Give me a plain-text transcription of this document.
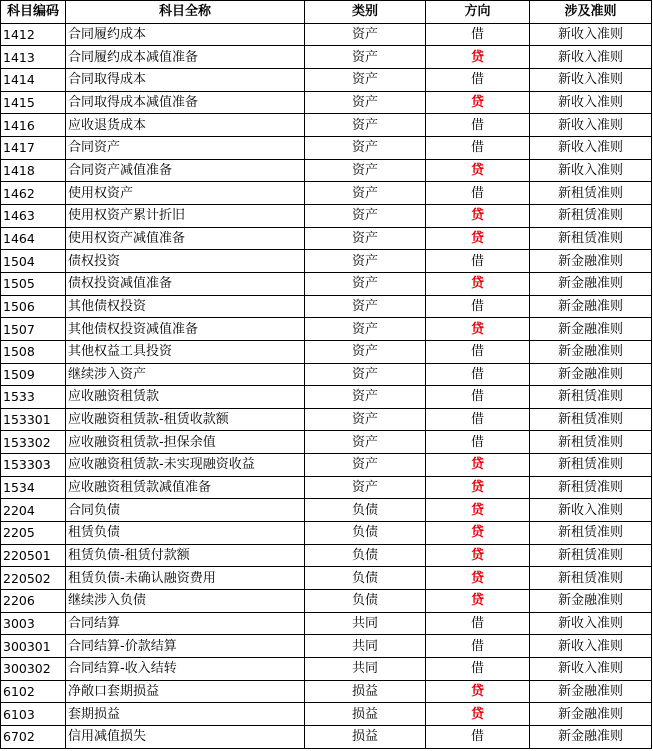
科目编码	科目全称	类别	方向	涉及准则
1412	合同履约成本	资产	借	新收入准则
1413	合同履约成本减值准备	资产	贷	新收入准则
1414	合同取得成本	资产	借	新收入准则
1415	合同取得成本减值准备	资产	贷	新收入准则
1416	应收退货成本	资产	借	新收入准则
1417	合同资产	资产	借	新收入准则
1418	合同资产减值准备	资产	贷	新收入准则
1462	使用权资产	资产	借	新租赁准则
1463	使用权资产累计折旧	资产	贷	新租赁准则
1464	使用权资产减值准备	资产	贷	新租赁准则
1504	债权投资	资产	借	新金融准则
1505	债权投资减值准备	资产	贷	新金融准则
1506	其他债权投资	资产	借	新金融准则
1507	其他债权投资减值准备	资产	贷	新金融准则
1508	其他权益工具投资	资产	借	新金融准则
1509	继续涉入资产	资产	借	新金融准则
1533	应收融资租赁款	资产	借	新租赁准则
153301	应收融资租赁款-租赁收款额	资产	借	新租赁准则
153302	应收融资租赁款-担保余值	资产	借	新租赁准则
153303	应收融资租赁款-未实现融资收益	资产	贷	新租赁准则
1534	应收融资租赁款减值准备	资产	贷	新租赁准则
2204	合同负债	负债	贷	新收入准则
2205	租赁负债	负债	贷	新租赁准则
220501	租赁负债-租赁付款额	负债	贷	新租赁准则
220502	租赁负债-未确认融资费用	负债	贷	新租赁准则
2206	继续涉入负债	负债	贷	新金融准则
3003	合同结算	共同	借	新收入准则
300301	合同结算-价款结算	共同	借	新收入准则
300302	合同结算-收入结转	共同	借	新收入准则
6102	净敞口套期损益	损益	贷	新金融准则
6103	套期损益	损益	贷	新金融准则
6702	信用减值损失	损益	借	新金融准则
